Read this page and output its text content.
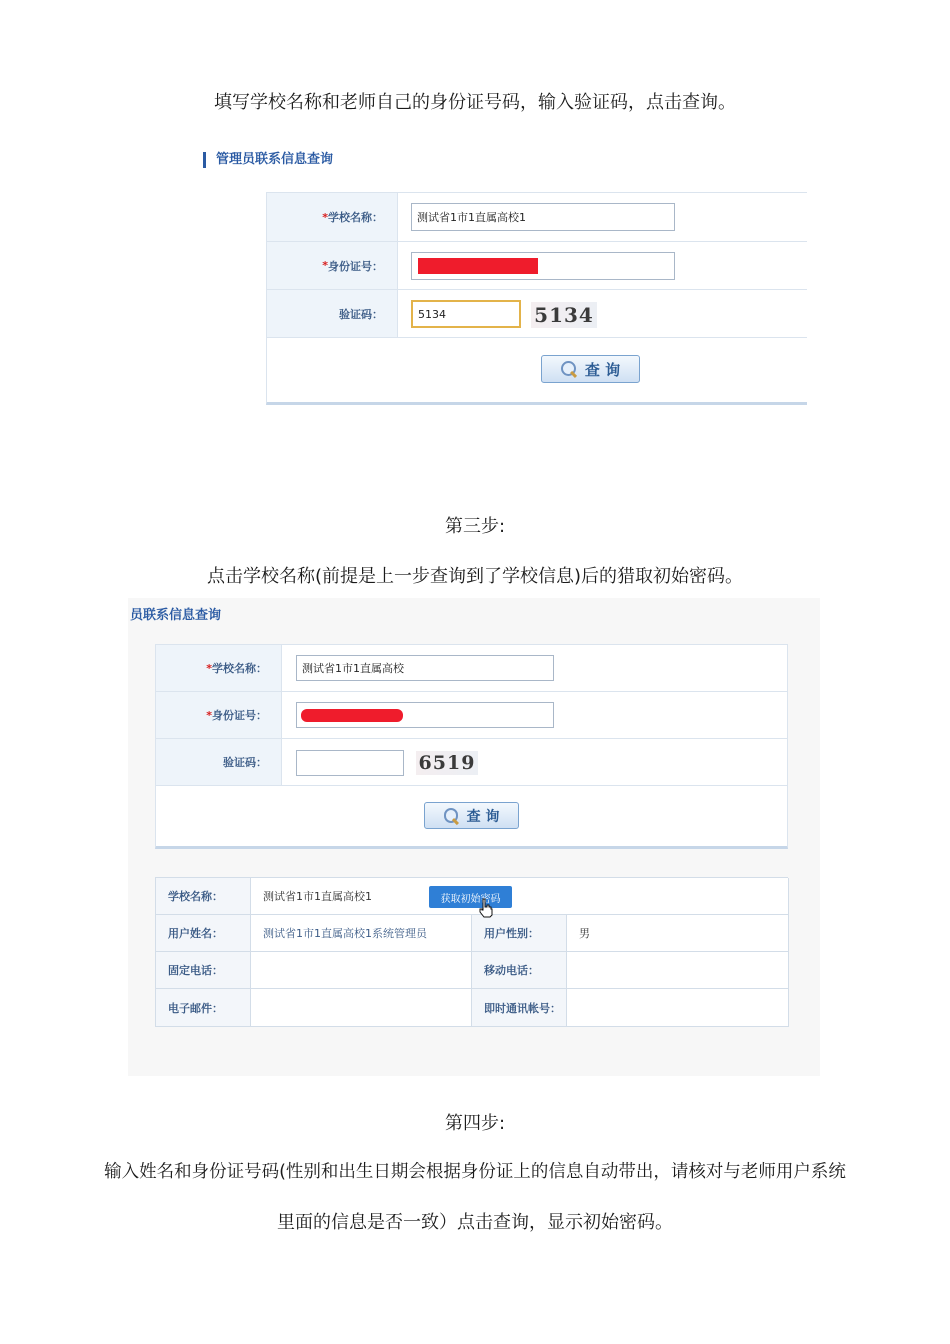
填写学校名称和老师自己的身份证号码，输入验证码，点击查询。
管理员联系信息查询
* 学校名称：	测试省1市1直属高校1
* 身份证号：
验证码：	5134	5134
查 询
第三步:
点击学校名称(前提是上一步查询到了学校信息)后的猎取初始密码。
员联系信息查询
* 学校名称：	测试省1市1直属高校
* 身份证号：
验证码：	6519
查 询
学校名称：	测试省1市1直属高校1
用户姓名：	测试省1市1直属高校1系统管理员	用户性别：	男
固定电话：	移动电话：
电子邮件：	即时通讯帐号：
获取初始密码
第四步:
输入姓名和身份证号码(性别和出生日期会根据身份证上的信息自动带出，请核对与老师用户系统
里面的信息是否一致）点击查询，显示初始密码。
